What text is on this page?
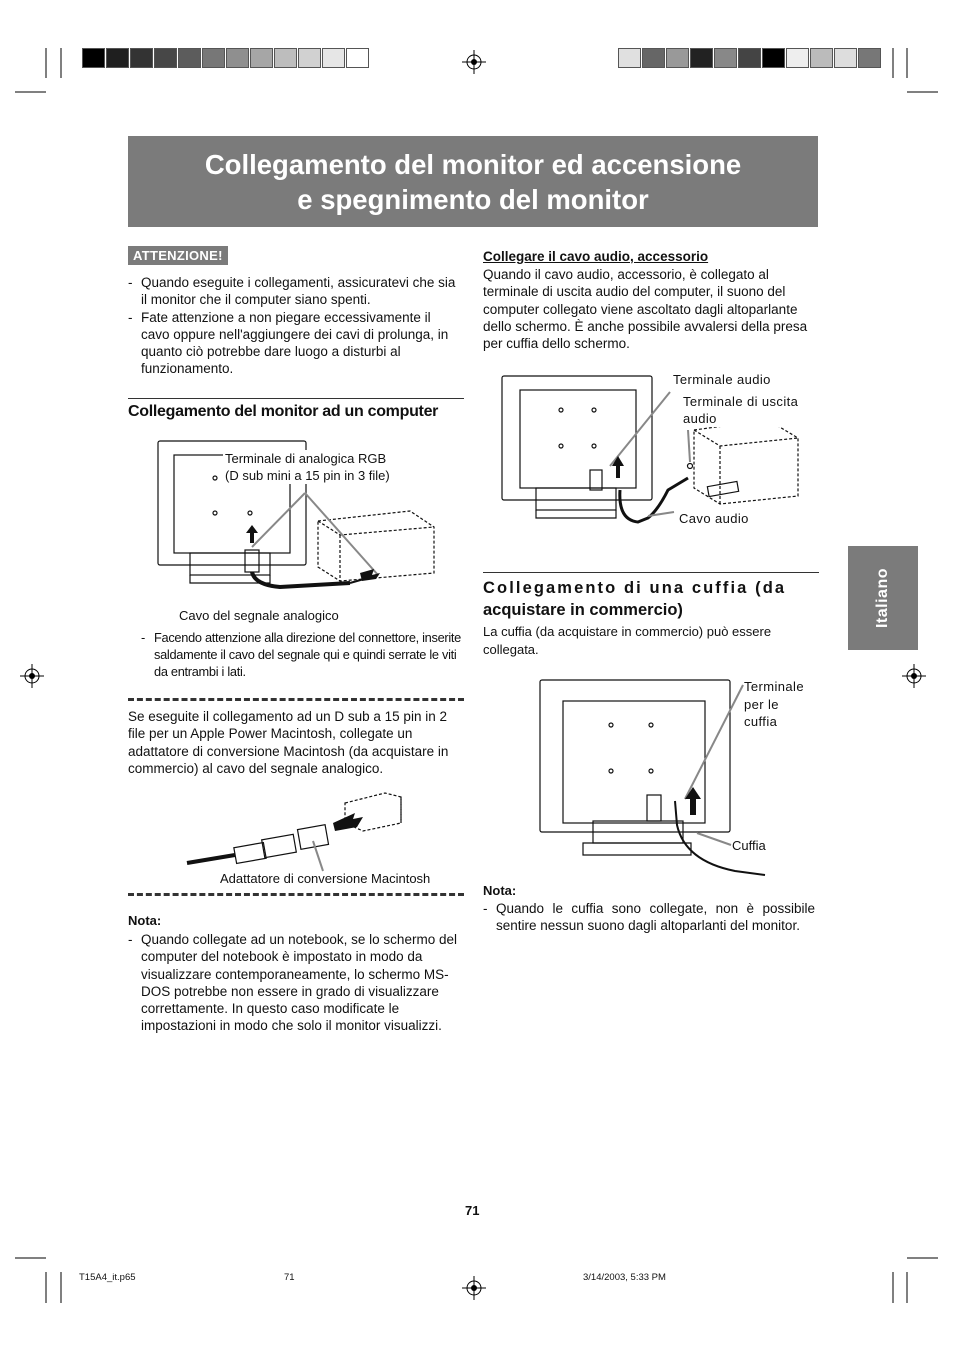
Collegamento del monitor ed accensione
e spegnimento del monitor
ATTENZIONE!
- Quando eseguite i collegamenti, assicuratevi che sia il monitor che il computer siano spenti.
- Fate attenzione a non piegare eccessivamente il cavo oppure nell'aggiungere dei cavi di prolunga, in quanto ciò potrebbe dare luogo a disturbi al funzionamento.
Collegamento del monitor ad un computer
Terminale di analogica RGB
(D sub mini a 15 pin in 3 file)
Cavo del segnale analogico
- Facendo attenzione alla direzione del connettore, inserite saldamente il cavo del segnale qui e quindi serrate le viti da entrambi i lati.
Se eseguite il collegamento ad un D sub a 15 pin in 2 file per un Apple Power Macintosh, collegate un adattatore di conversione Macintosh (da acquistare in commercio) al cavo del segnale analogico.
Adattatore di conversione Macintosh
Nota:
- Quando collegate ad un notebook, se lo schermo del computer del notebook è impostato in modo da visualizzare contemporaneamente, lo schermo MS-DOS potrebbe non essere in grado di visualizzare correttamente. In questo caso modificate le impostazioni in modo che solo il monitor visualizzi.
Collegare il cavo audio, accessorio
Quando il cavo audio, accessorio, è collegato al terminale di uscita audio del computer, il suono del computer collegato viene ascoltato dagli altoparlante dello schermo. È anche possibile avvalersi della presa per cuffia dello schermo.
Terminale audio
Terminale di uscita
audio
Cavo audio
Collegamento di una cuffia (da
acquistare in commercio)
La cuffia (da acquistare in commercio) può essere collegata.
Terminale
per le
cuffia
Cuffia
Nota:
- Quando le cuffia sono collegate, non è possibile sentire nessun suono dagli altoparlanti del monitor.
Italiano
71
T15A4_it.p65	71	3/14/2003, 5:33 PM
